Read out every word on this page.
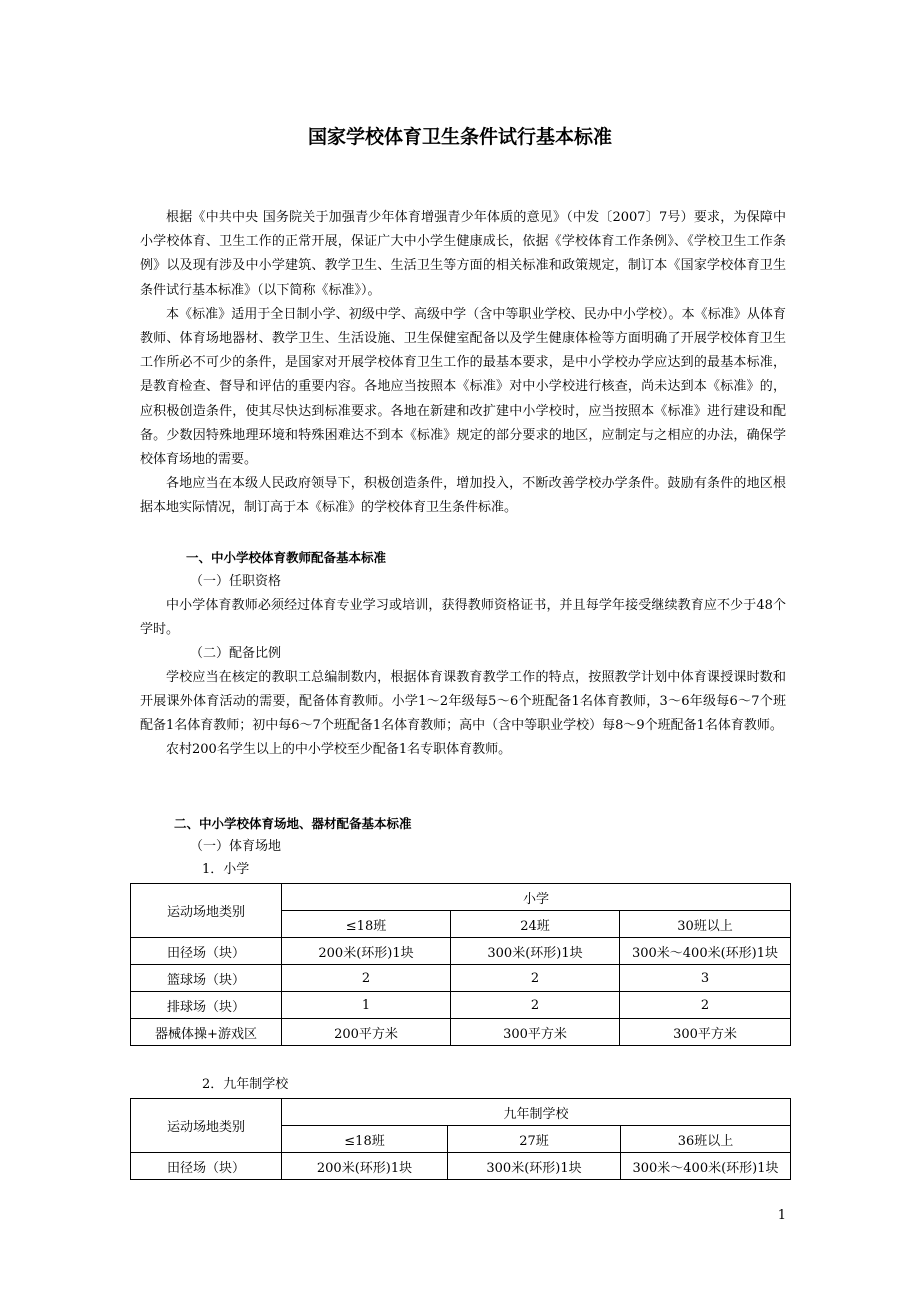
国家学校体育卫生条件试行基本标准

根据《中共中央 国务院关于加强青少年体育增强青少年体质的意见》（中发〔2007〕7号）要求，为保障中小学校体育、卫生工作的正常开展，保证广大中小学生健康成长，依据《学校体育工作条例》、《学校卫生工作条例》以及现有涉及中小学建筑、教学卫生、生活卫生等方面的相关标准和政策规定，制订本《国家学校体育卫生条件试行基本标准》（以下简称《标准》）。

本《标准》适用于全日制小学、初级中学、高级中学（含中等职业学校、民办中小学校）。本《标准》从体育教师、体育场地器材、教学卫生、生活设施、卫生保健室配备以及学生健康体检等方面明确了开展学校体育卫生工作所必不可少的条件，是国家对开展学校体育卫生工作的最基本要求，是中小学校办学应达到的最基本标准，是教育检查、督导和评估的重要内容。各地应当按照本《标准》对中小学校进行核查，尚未达到本《标准》的，应积极创造条件，使其尽快达到标准要求。各地在新建和改扩建中小学校时，应当按照本《标准》进行建设和配备。少数因特殊地理环境和特殊困难达不到本《标准》规定的部分要求的地区，应制定与之相应的办法，确保学校体育场地的需要。

各地应当在本级人民政府领导下，积极创造条件，增加投入，不断改善学校办学条件。鼓励有条件的地区根据本地实际情况，制订高于本《标准》的学校体育卫生条件标准。

一、中小学校体育教师配备基本标准
（一）任职资格

中小学体育教师必须经过体育专业学习或培训，获得教师资格证书，并且每学年接受继续教育应不少于48个学时。

（二）配备比例

学校应当在核定的教职工总编制数内，根据体育课教育教学工作的特点，按照教学计划中体育课授课时数和开展课外体育活动的需要，配备体育教师。小学1～2年级每5～6个班配备1名体育教师，3～6年级每6～7个班配备1名体育教师；初中每6～7个班配备1名体育教师；高中（含中等职业学校）每8～9个班配备1名体育教师。

农村200名学生以上的中小学校至少配备1名专职体育教师。

二、中小学校体育场地、器材配备基本标准
（一）体育场地
1．小学
运动场地类别	小学		
	≤18班	24班	30班以上
田径场（块）	200米(环形)1块	300米(环形)1块	300米～400米(环形)1块
篮球场（块）	2	2	3
排球场（块）	1	2	2
器械体操+游戏区	200平方米	300平方米	300平方米
2．九年制学校
运动场地类别	九年制学校		
	≤18班	27班	36班以上
田径场（块）	200米(环形)1块	300米(环形)1块	300米～400米(环形)1块
1
